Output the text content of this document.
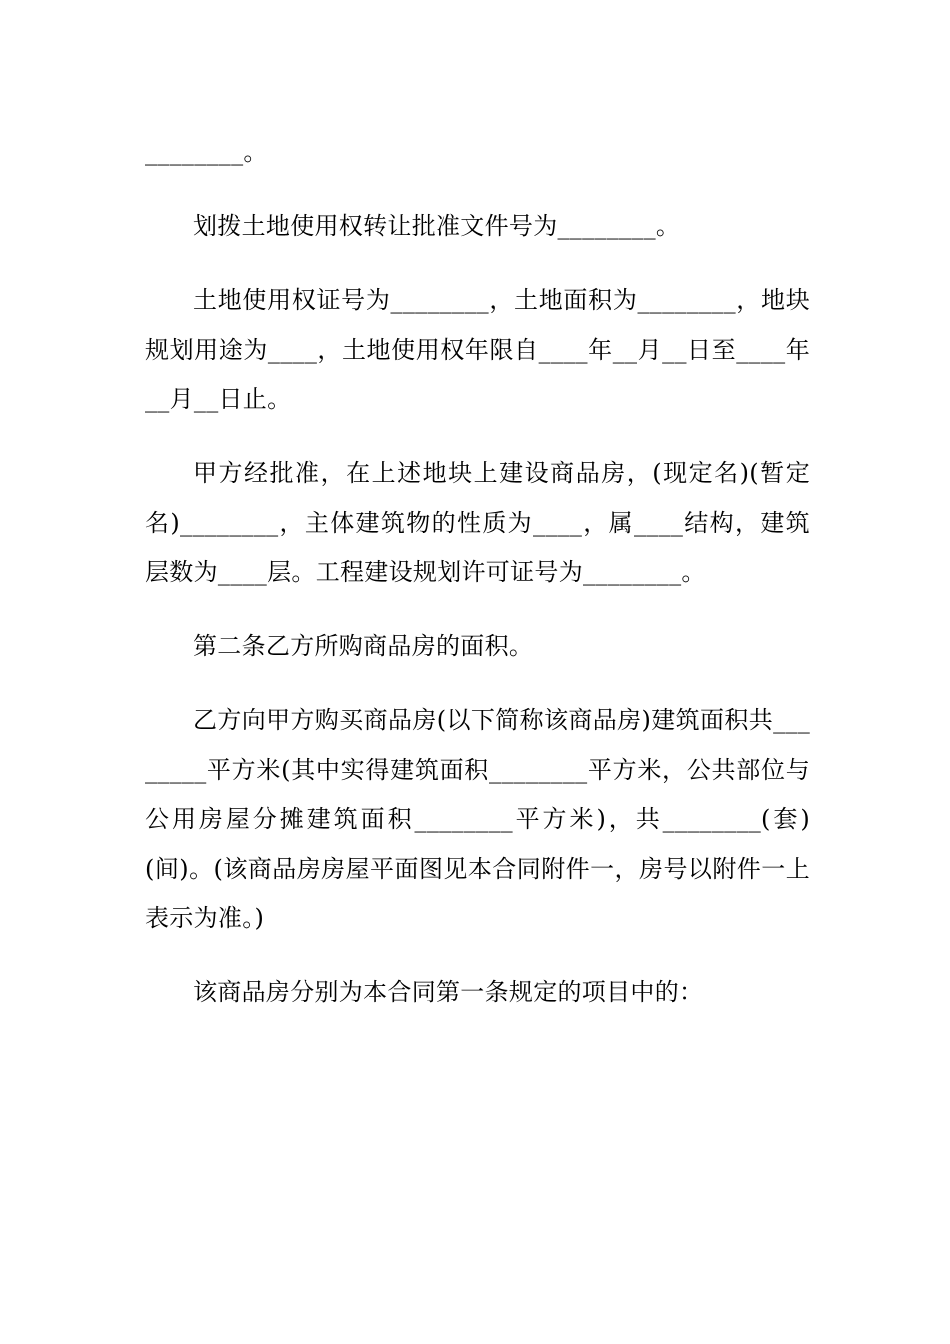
________。

划拨土地使用权转让批准文件号为________。

土地使用权证号为________，土地面积为________，地块规划用途为____，土地使用权年限自____年__月__日至____年__月__日止。

甲方经批准，在上述地块上建设商品房，(现定名)(暂定名)________，主体建筑物的性质为____，属____结构，建筑层数为____层。工程建设规划许可证号为________。

第二条乙方所购商品房的面积。

乙方向甲方购买商品房(以下简称该商品房)建筑面积共________平方米(其中实得建筑面积________平方米，公共部位与公用房屋分摊建筑面积________平方米)，共________(套)(间)。(该商品房房屋平面图见本合同附件一，房号以附件一上表示为准。)

该商品房分别为本合同第一条规定的项目中的：
